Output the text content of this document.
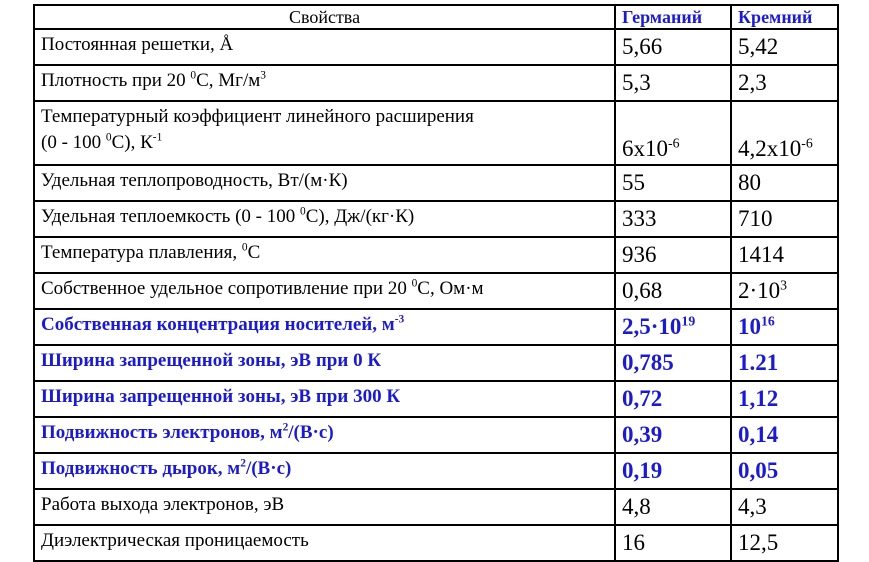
Свойства	Германий	Кремний
Постоянная решетки, Å	5,66	5,42
Плотность при 20 $^0$С, $Мг/м^3$	5,3	2,3
Температурный коэффициент линейного расширения
(0 - 100 $^0$С), $К^{-1}$	$6x10^{-6}$	$4,2x10^{-6}$
Удельная теплопроводность, Вт/(м·К)	55	80
Удельная теплоемкость (0 - 100 $^0$С), Дж/(кг·К)	333	710
Температура плавления, $^0$С	936	1414
Собственное удельное сопротивление при 20 $^0$С, Ом·м	0,68	$2\cdot 10^3$
Собственная концентрация носителей, $м^{-3}$	$2,5\cdot 10^{19}$	$10^{16}$
Ширина запрещенной зоны, эВ при 0 К	0,785	1.21
Ширина запрещенной зоны, эВ при 300 К	0,72	1,12
Подвижность электронов, $м^2/(В\cdot с)$	0,39	0,14
Подвижность дырок, $м^2/(В\cdot с)$	0,19	0,05
Работа выхода электронов, эВ	4,8	4,3
Диэлектрическая проницаемость	16	12,5
